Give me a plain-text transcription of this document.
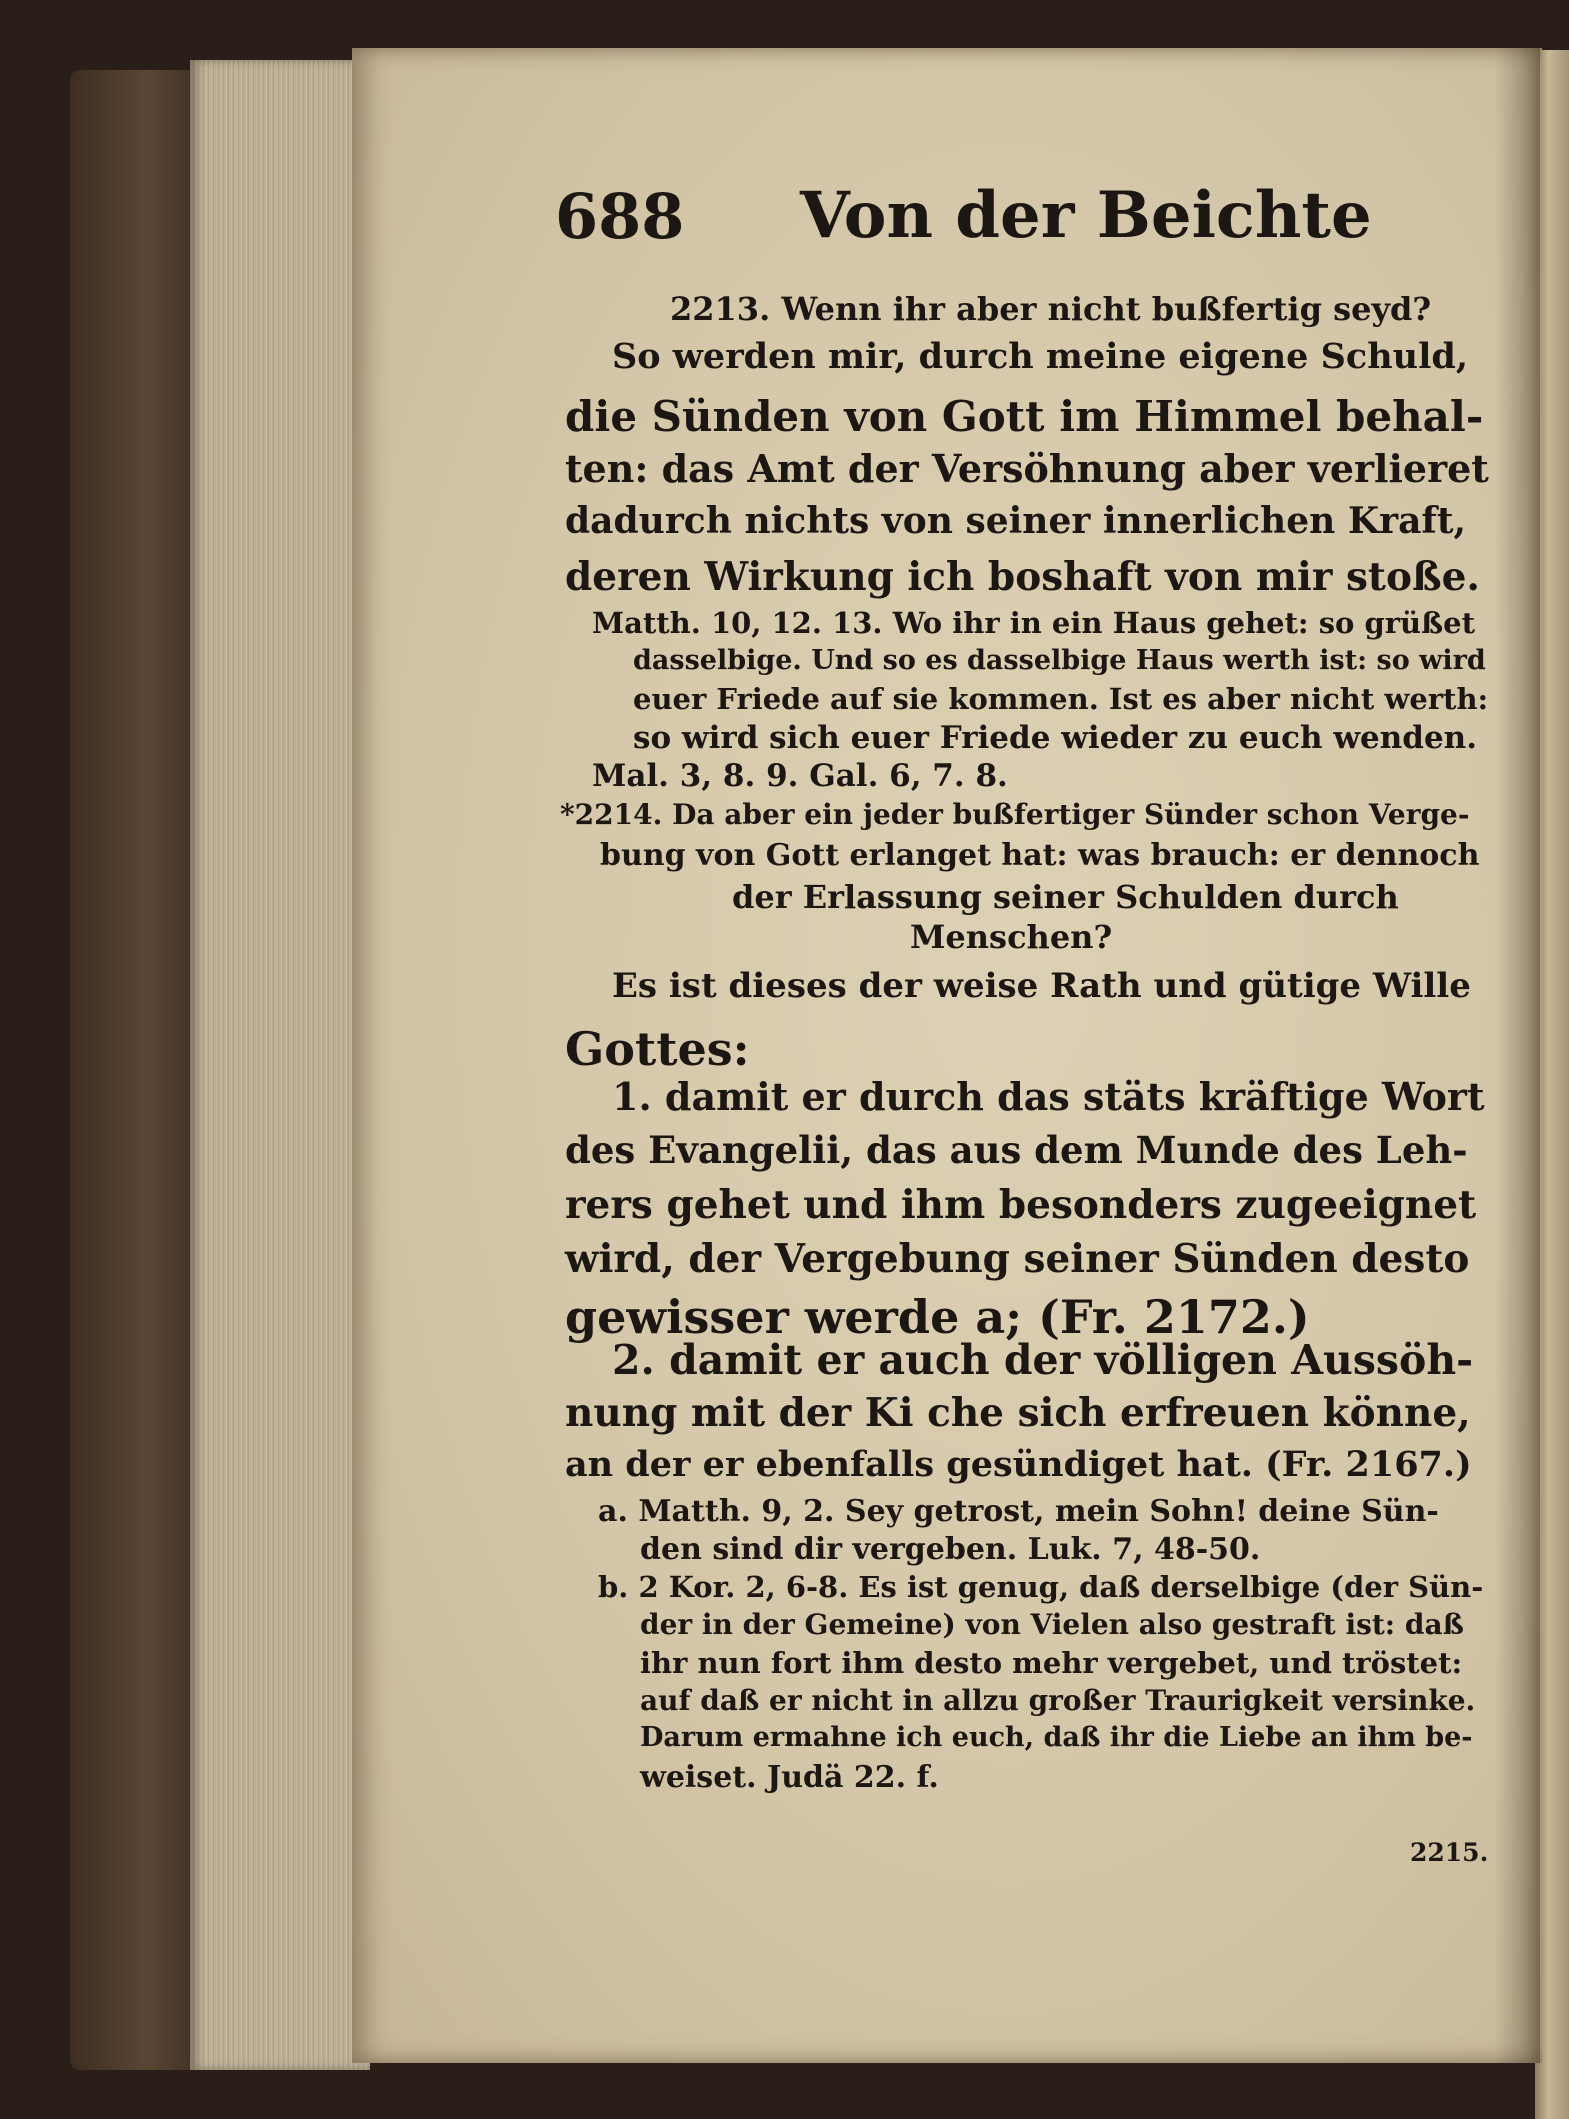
688 Von der Beichte

2213. Wenn ihr aber nicht bußfertig seyd?

So werden mir, durch meine eigene Schuld,

die Sünden von Gott im Himmel behal-

ten: das Amt der Versöhnung aber verlieret

dadurch nichts von seiner innerlichen Kraft,

deren Wirkung ich boshaft von mir stoße.

Matth. 10, 12. 13. Wo ihr in ein Haus gehet: so grüßet

dasselbige. Und so es dasselbige Haus werth ist: so wird

euer Friede auf sie kommen. Ist es aber nicht werth:

so wird sich euer Friede wieder zu euch wenden.

Mal. 3, 8. 9. Gal. 6, 7. 8.

*2214. Da aber ein jeder bußfertiger Sünder schon Verge-

bung von Gott erlanget hat: was brauch: er dennoch

der Erlassung seiner Schulden durch

Menschen?

Es ist dieses der weise Rath und gütige Wille

Gottes:

1. damit er durch das stäts kräftige Wort

des Evangelii, das aus dem Munde des Leh-

rers gehet und ihm besonders zugeeignet

wird, der Vergebung seiner Sünden desto

gewisser werde a; (Fr. 2172.)

2. damit er auch der völligen Aussöh-

nung mit der Ki che sich erfreuen könne,

an der er ebenfalls gesündiget hat. (Fr. 2167.)

a. Matth. 9, 2. Sey getrost, mein Sohn! deine Sün-

den sind dir vergeben. Luk. 7, 48-50.

b. 2 Kor. 2, 6-8. Es ist genug, daß derselbige (der Sün-

der in der Gemeine) von Vielen also gestraft ist: daß

ihr nun fort ihm desto mehr vergebet, und tröstet:

auf daß er nicht in allzu großer Traurigkeit versinke.

Darum ermahne ich euch, daß ihr die Liebe an ihm be-

weiset. Judä 22. f.

2215.
